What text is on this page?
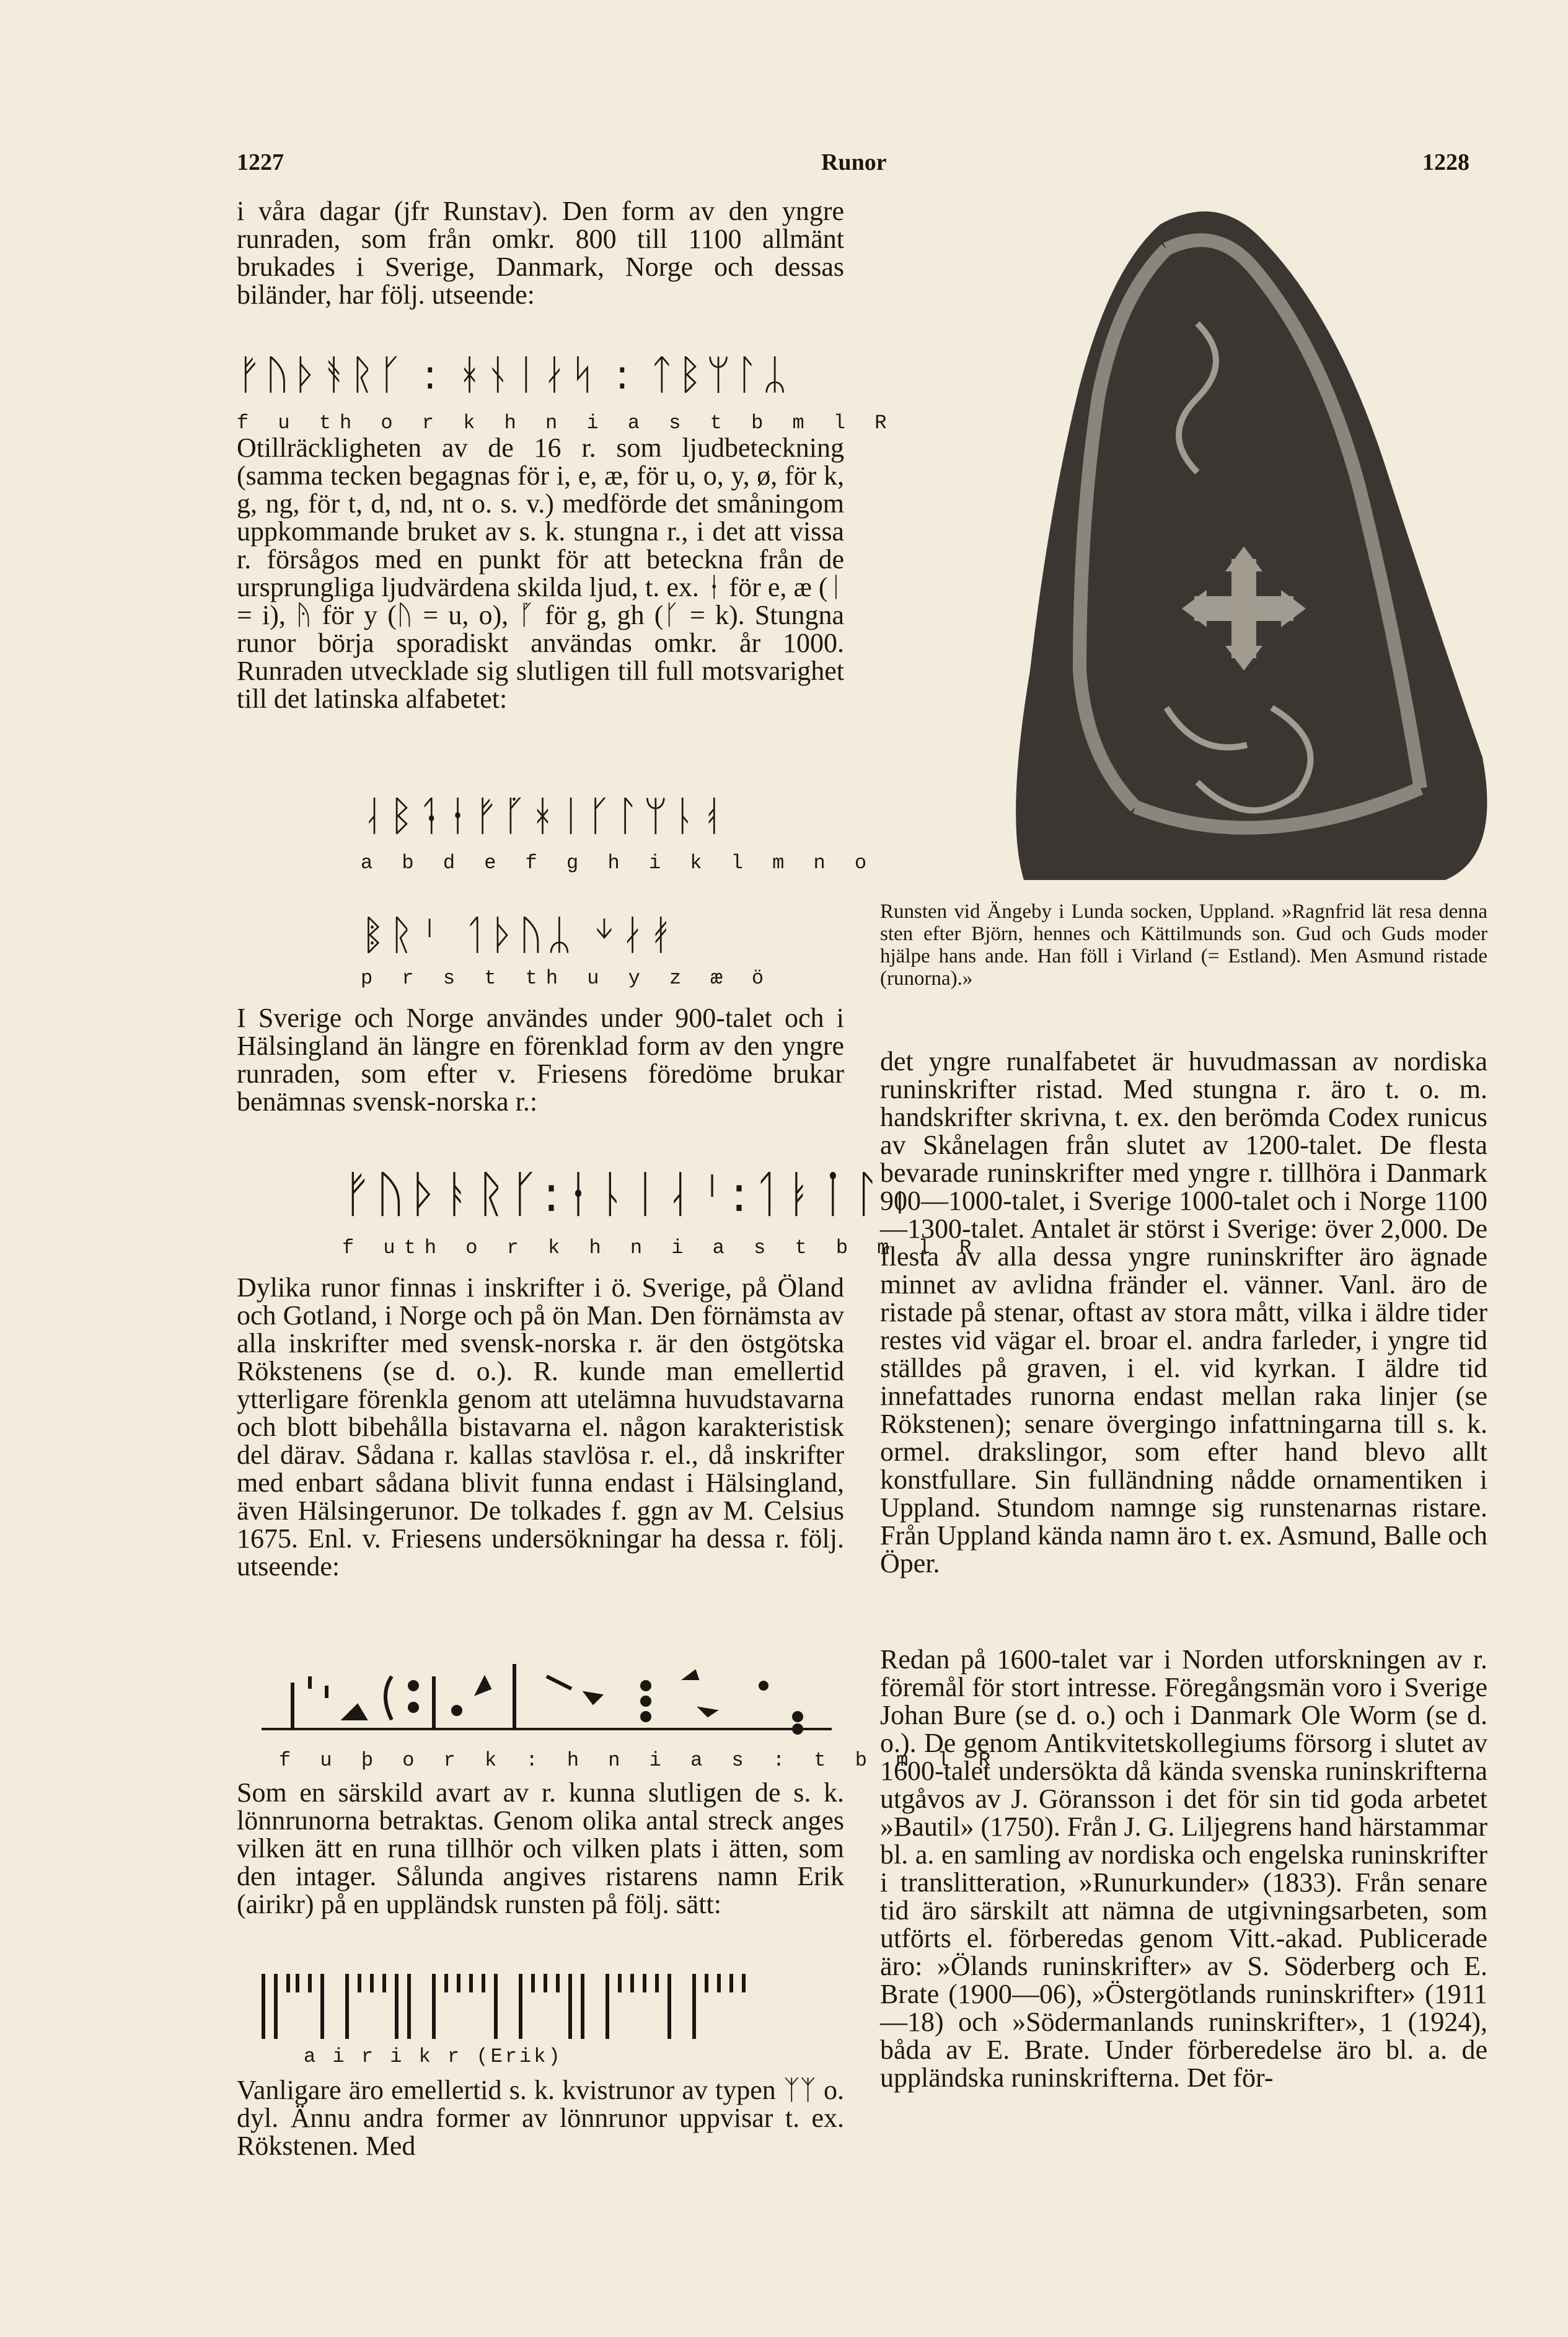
1227	Runor	1228

i våra dagar (jfr Runstav). Den form av den yngre runraden, som från omkr. 800 till 1100 allmänt brukades i Sverige, Danmark, Norge och dessas biländer, har följ. utseende:

ᚠᚢᚦᚬᚱᚴ : ᚼᚾᛁᛅᛋ : ᛏᛒᛘᛚᛦ
f u th o r k h n i a s t b m l R

Otillräckligheten av de 16 r. som ljudbeteckning (samma tecken begagnas för i, e, æ, för u, o, y, ø, för k, g, ng, för t, d, nd, nt o. s. v.) medförde det småningom uppkommande bruket av s. k. stungna r., i det att vissa r. försågos med en punkt för att beteckna från de ursprungliga ljudvärdena skilda ljud, t. ex. ᛂ för e, æ (ᛁ = i), ᚤ för y (ᚢ = u, o), ᚵ för g, gh (ᚴ = k). Stungna runor börja sporadiskt användas omkr. år 1000. Runraden utvecklade sig slutligen till full motsvarighet till det latinska alfabetet:

ᛆᛒᛑᛂᚠᚵᚼᛁᚴᛚᛘᚿᚮ
a b d e f g h i k l m n o
ᛔᚱᛌ ᛐᚦᚢᛦ ᛎᛅᚯ
p r s t th u y z æ ö

I Sverige och Norge användes under 900-talet och i Hälsingland än längre en förenklad form av den yngre runraden, som efter v. Friesens föredöme brukar benämnas svensk-norska r.:

ᚠᚢᚦᚭᚱᚴ:ᚽᚿᛁᛆᛌ:ᛐᛓᛙᛚᛧ
f uth o r k h n i a s t b m l R

Dylika runor finnas i inskrifter i ö. Sverige, på Öland och Gotland, i Norge och på ön Man. Den förnämsta av alla inskrifter med svensk-norska r. är den östgötska Rökstenens (se d. o.). R. kunde man emellertid ytterligare förenkla genom att utelämna huvudstavarna och blott bibehålla bistavarna el. någon karakteristisk del därav. Sådana r. kallas stavlösa r. el., då inskrifter med enbart sådana blivit funna endast i Hälsingland, även Hälsingerunor. De tolkades f. ggn av M. Celsius 1675. Enl. v. Friesens undersökningar ha dessa r. följ. utseende:

f u þ o r k : h n i a s : t b m l R

Som en särskild avart av r. kunna slutligen de s. k. lönnrunorna betraktas. Genom olika antal streck anges vilken ätt en runa tillhör och vilken plats i ätten, som den intager. Sålunda angives ristarens namn Erik (airikr) på en uppländsk runsten på följ. sätt:

a i r i k r (Erik)

Vanligare äro emellertid s. k. kvistrunor av typen ᛉᛉ o. dyl. Ännu andra former av lönnrunor uppvisar t. ex. Rökstenen. Med

Runsten vid Ängeby i Lunda socken, Uppland. »Ragnfrid lät resa denna sten efter Björn, hennes och Kättilmunds son. Gud och Guds moder hjälpe hans ande. Han föll i Virland (= Estland). Men Asmund ristade (runorna).»

det yngre runalfabetet är huvudmassan av nordiska runinskrifter ristad. Med stungna r. äro t. o. m. handskrifter skrivna, t. ex. den berömda Codex runicus av Skånelagen från slutet av 1200-talet. De flesta bevarade runinskrifter med yngre r. tillhöra i Danmark 900—1000-talet, i Sverige 1000-talet och i Norge 1100—1300-talet. Antalet är störst i Sverige: över 2,000. De flesta av alla dessa yngre runinskrifter äro ägnade minnet av avlidna fränder el. vänner. Vanl. äro de ristade på stenar, oftast av stora mått, vilka i äldre tider restes vid vägar el. broar el. andra farleder, i yngre tid ställdes på graven, i el. vid kyrkan. I äldre tid innefattades runorna endast mellan raka linjer (se Rökstenen); senare övergingo infattningarna till s. k. ormel. drakslingor, som efter hand blevo allt konstfullare. Sin fulländning nådde ornamentiken i Uppland. Stundom namnge sig runstenarnas ristare. Från Uppland kända namn äro t. ex. Asmund, Balle och Öper.

Redan på 1600-talet var i Norden utforskningen av r. föremål för stort intresse. Föregångsmän voro i Sverige Johan Bure (se d. o.) och i Danmark Ole Worm (se d. o.). De genom Antikvitetskollegiums försorg i slutet av 1600-talet undersökta då kända svenska runinskrifterna utgåvos av J. Göransson i det för sin tid goda arbetet »Bautil» (1750). Från J. G. Liljegrens hand härstammar bl. a. en samling av nordiska och engelska runinskrifter i translitteration, »Runurkunder» (1833). Från senare tid äro särskilt att nämna de utgivningsarbeten, som utförts el. förberedas genom Vitt.-akad. Publicerade äro: »Ölands runinskrifter» av S. Söderberg och E. Brate (1900—06), »Östergötlands runinskrifter» (1911—18) och »Södermanlands runinskrifter», 1 (1924), båda av E. Brate. Under förberedelse äro bl. a. de uppländska runinskrifterna. Det för-
